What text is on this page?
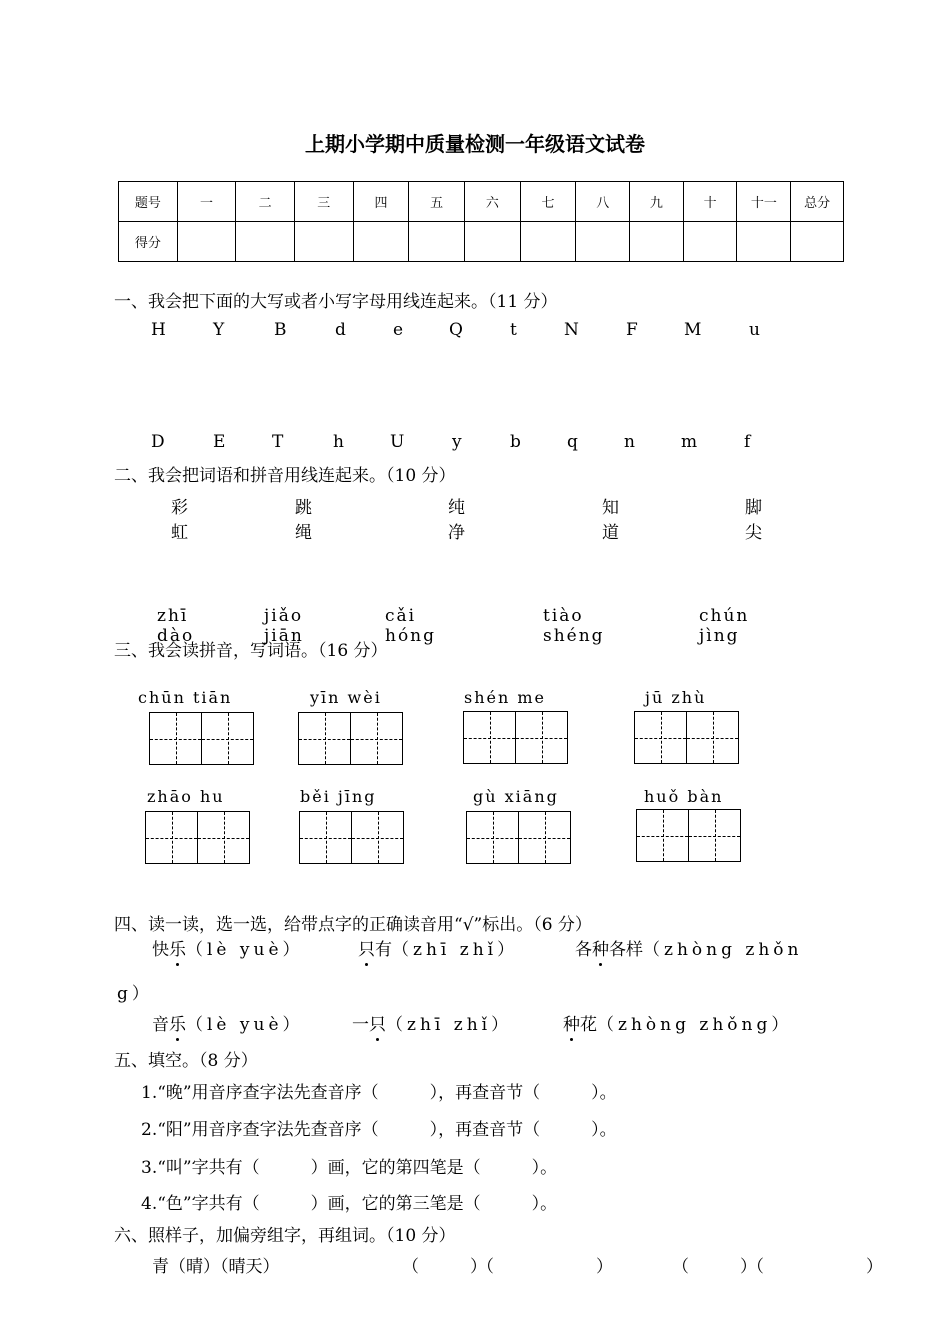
上期小学期中质量检测一年级语文试卷
题号	一	二	三	四	五	六	七	八	九	十	十一	总分
得分												
一、我会把下面的大写或者小写字母用线连起来。（11 分）
H	Y	B	d	e	Q	t	N	F	M	u
D	E	T	h	U	y	b	q	n	m	f
二、我会把词语和拼音用线连起来。（10 分）
彩虹
跳绳
纯净
知道
脚尖
zhī dào
jiǎo jiān
cǎi hóng
tiào shéng
chún jìng
三、我会读拼音，写词语。（16 分）
chūn tiān	yīn wèi	shén me	jū zhù
zhāo hu	běi jīng	gù xiāng	huǒ bàn
四、读一读，选一选，给带点字的正确读音用“√”标出。（6 分）
快乐（lè yuè）	只有（zhī zhǐ）	各种各样（zhòng zhǒn
g）
音乐（lè yuè）	一只（zhī zhǐ）	种花（zhòng zhǒng）
五、填空。（8 分）
1.“晚”用音序查字法先查音序（　　　），再查音节（　　　）。
2.“阳”用音序查字法先查音序（　　　），再查音节（　　　）。
3.“叫”字共有（　　　）画，它的第四笔是（　　　）。
4.“色”字共有（　　　）画，它的第三笔是（　　　）。
六、照样子，加偏旁组字，再组词。（10 分）
青（晴）（晴天）	（　　　）
（　　　　　　）	（　　　）
（　　　　　　）
